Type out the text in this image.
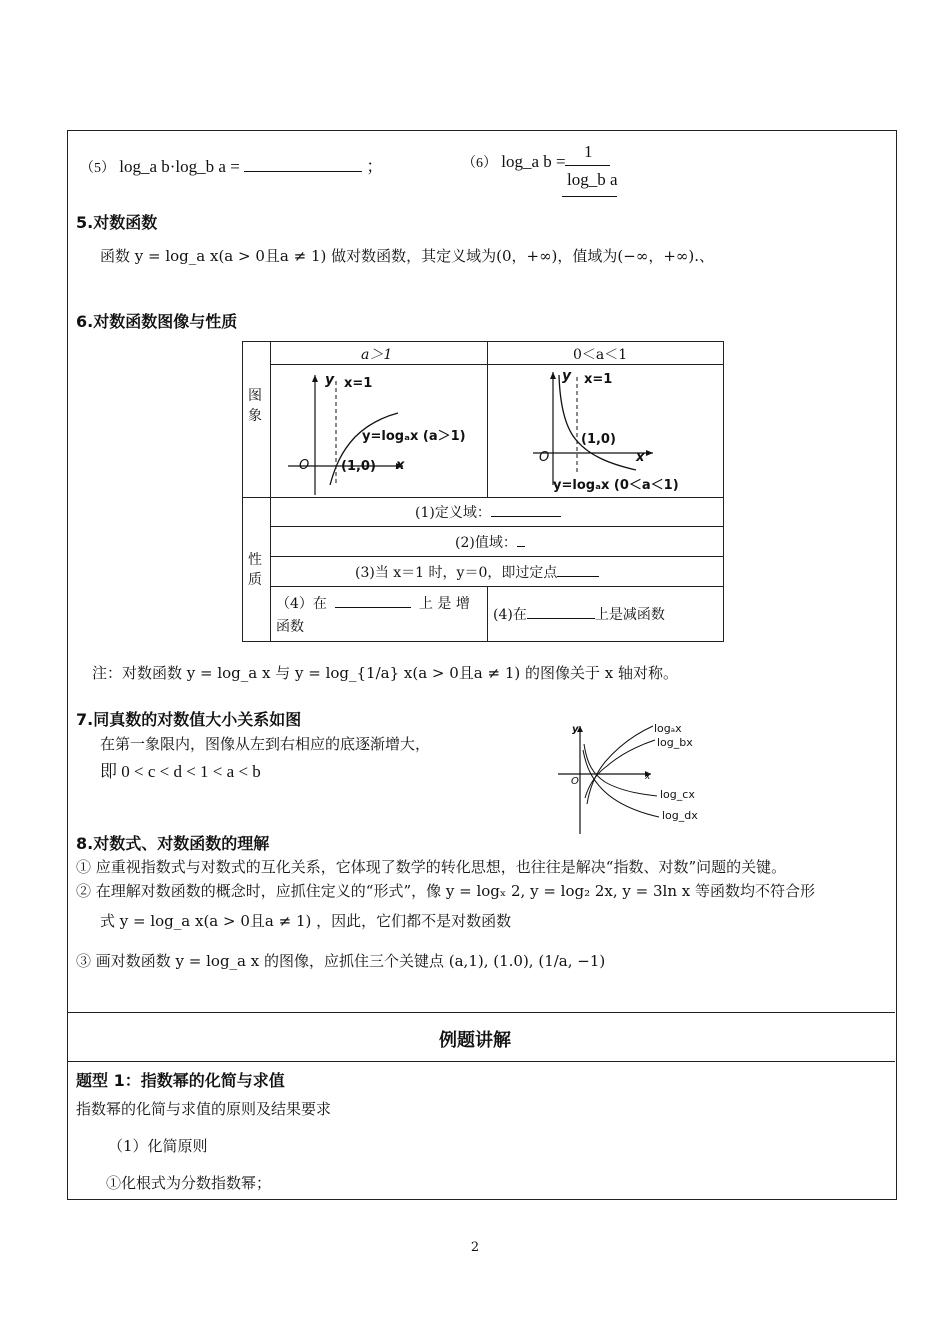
（5） log_a b·log_b a =	；	（6） log_a b =
1
log_b a
5.对数函数
函数 y = log_a x(a > 0且a ≠ 1) 做对数函数，其定义域为(0，+∞)，值域为(−∞，+∞).、
6.对数函数图像与性质
a＞1	0＜a＜1
图象
性质
y x=1
y=logₐx (a＞1)
O (1,0) x
y x=1
(1,0)
O	x
y=logₐx (0＜a＜1)
(1)定义域：
(2)值域：
(3)当 x＝1 时，y＝0，即过定点
（4）在	上 是 增
函数
(4)在	上是减函数
注：对数函数 y = log_a x 与 y = log_{1/a} x(a > 0且a ≠ 1) 的图像关于 x 轴对称。
7.同真数的对数值大小关系如图
在第一象限内，图像从左到右相应的底逐渐增大，
即 0 < c < d < 1 < a < b
y
O	x
logₐx
log_bx
log_cx
log_dx
8.对数式、对数函数的理解
① 应重视指数式与对数式的互化关系，它体现了数学的转化思想，也往往是解决“指数、对数”问题的关键。
② 在理解对数函数的概念时，应抓住定义的“形式”，像 y = logₓ 2, y = log₂ 2x, y = 3ln x 等函数均不符合形
式 y = log_a x(a > 0且a ≠ 1) ，因此，它们都不是对数函数
③ 画对数函数 y = log_a x 的图像，应抓住三个关键点 (a,1), (1.0), (1/a, −1)
例题讲解
题型 1：指数幂的化简与求值
指数幂的化简与求值的原则及结果要求
（1）化简原则
①化根式为分数指数幂；
2
